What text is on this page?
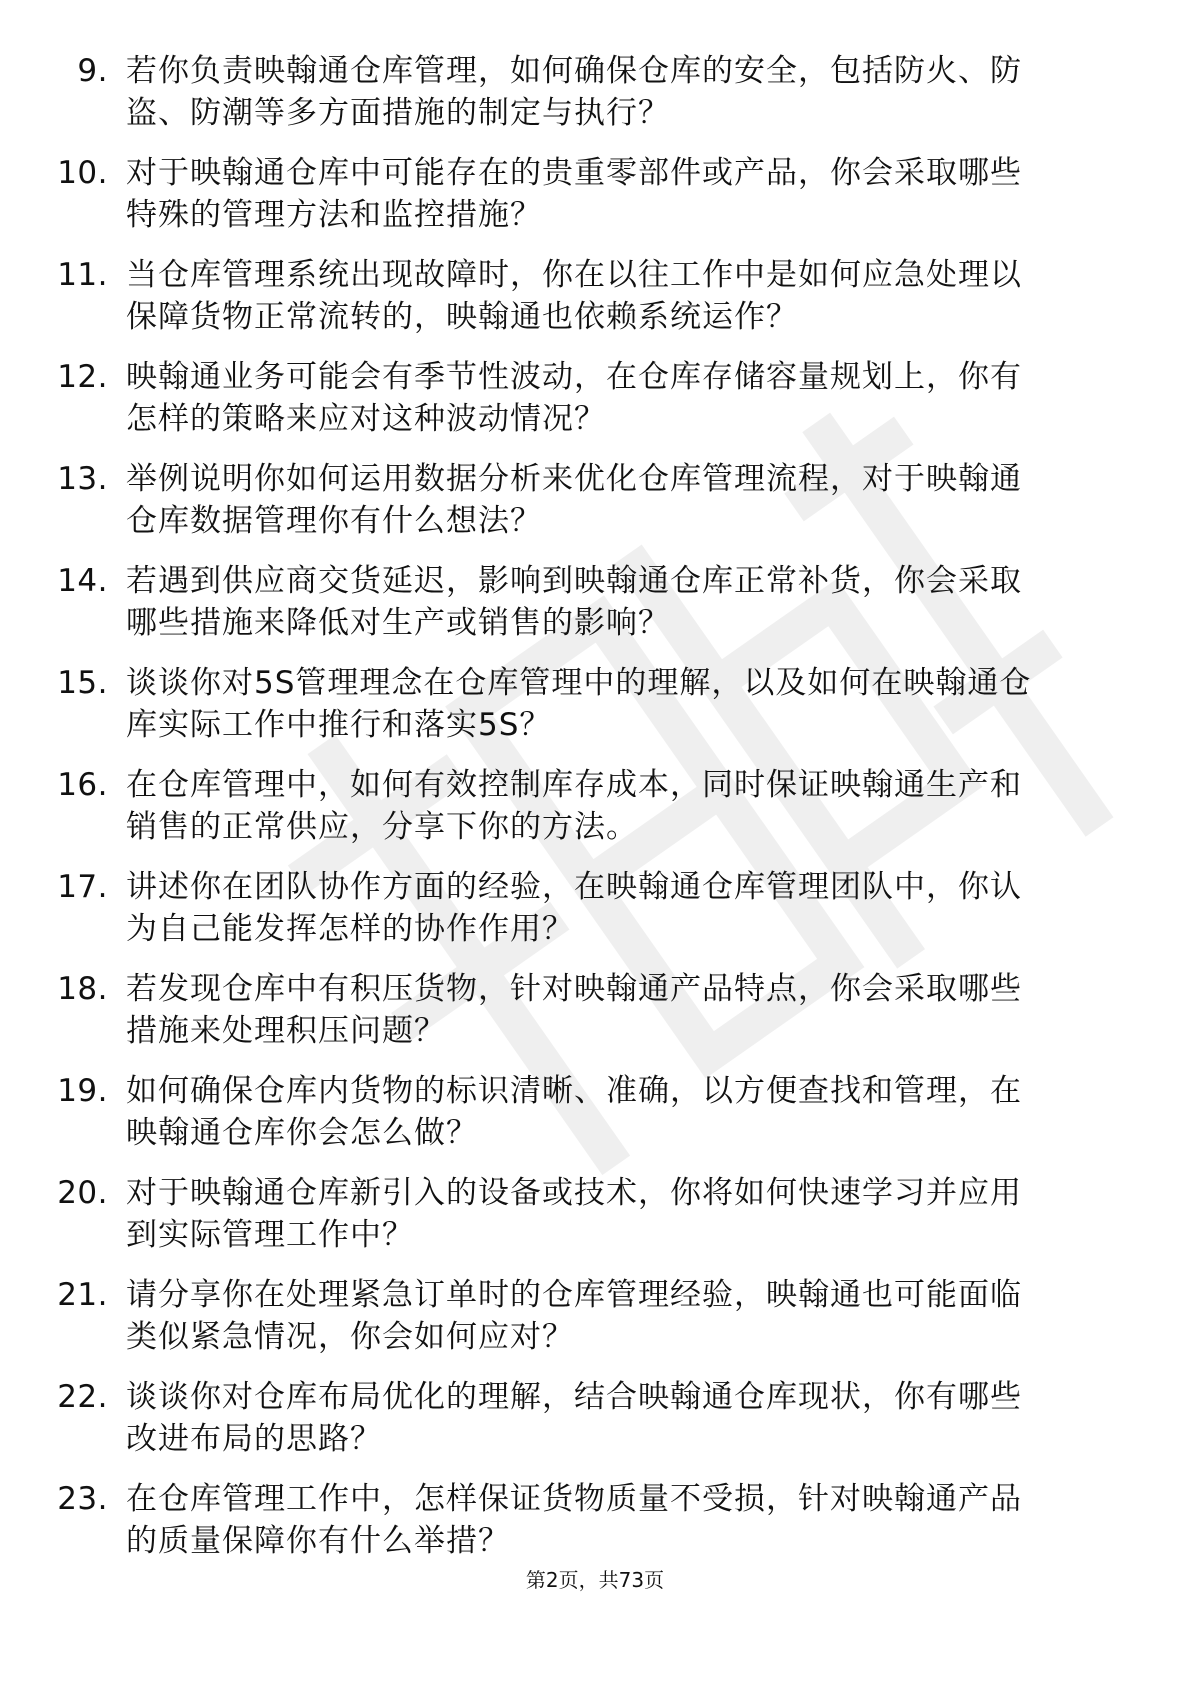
9. 若你负责映翰通仓库管理，如何确保仓库的安全，包括防火、防
盗、防潮等多方面措施的制定与执行？
10. 对于映翰通仓库中可能存在的贵重零部件或产品，你会采取哪些
特殊的管理方法和监控措施？
11. 当仓库管理系统出现故障时，你在以往工作中是如何应急处理以
保障货物正常流转的，映翰通也依赖系统运作？
12. 映翰通业务可能会有季节性波动，在仓库存储容量规划上，你有
怎样的策略来应对这种波动情况？
13. 举例说明你如何运用数据分析来优化仓库管理流程，对于映翰通
仓库数据管理你有什么想法？
14. 若遇到供应商交货延迟，影响到映翰通仓库正常补货，你会采取
哪些措施来降低对生产或销售的影响？
15. 谈谈你对5S管理理念在仓库管理中的理解，以及如何在映翰通仓
库实际工作中推行和落实5S？
16. 在仓库管理中，如何有效控制库存成本，同时保证映翰通生产和
销售的正常供应，分享下你的方法。
17. 讲述你在团队协作方面的经验，在映翰通仓库管理团队中，你认
为自己能发挥怎样的协作作用？
18. 若发现仓库中有积压货物，针对映翰通产品特点，你会采取哪些
措施来处理积压问题？
19. 如何确保仓库内货物的标识清晰、准确，以方便查找和管理，在
映翰通仓库你会怎么做？
20. 对于映翰通仓库新引入的设备或技术，你将如何快速学习并应用
到实际管理工作中？
21. 请分享你在处理紧急订单时的仓库管理经验，映翰通也可能面临
类似紧急情况，你会如何应对？
22. 谈谈你对仓库布局优化的理解，结合映翰通仓库现状，你有哪些
改进布局的思路？
23. 在仓库管理工作中，怎样保证货物质量不受损，针对映翰通产品
的质量保障你有什么举措？
第2页，共73页
